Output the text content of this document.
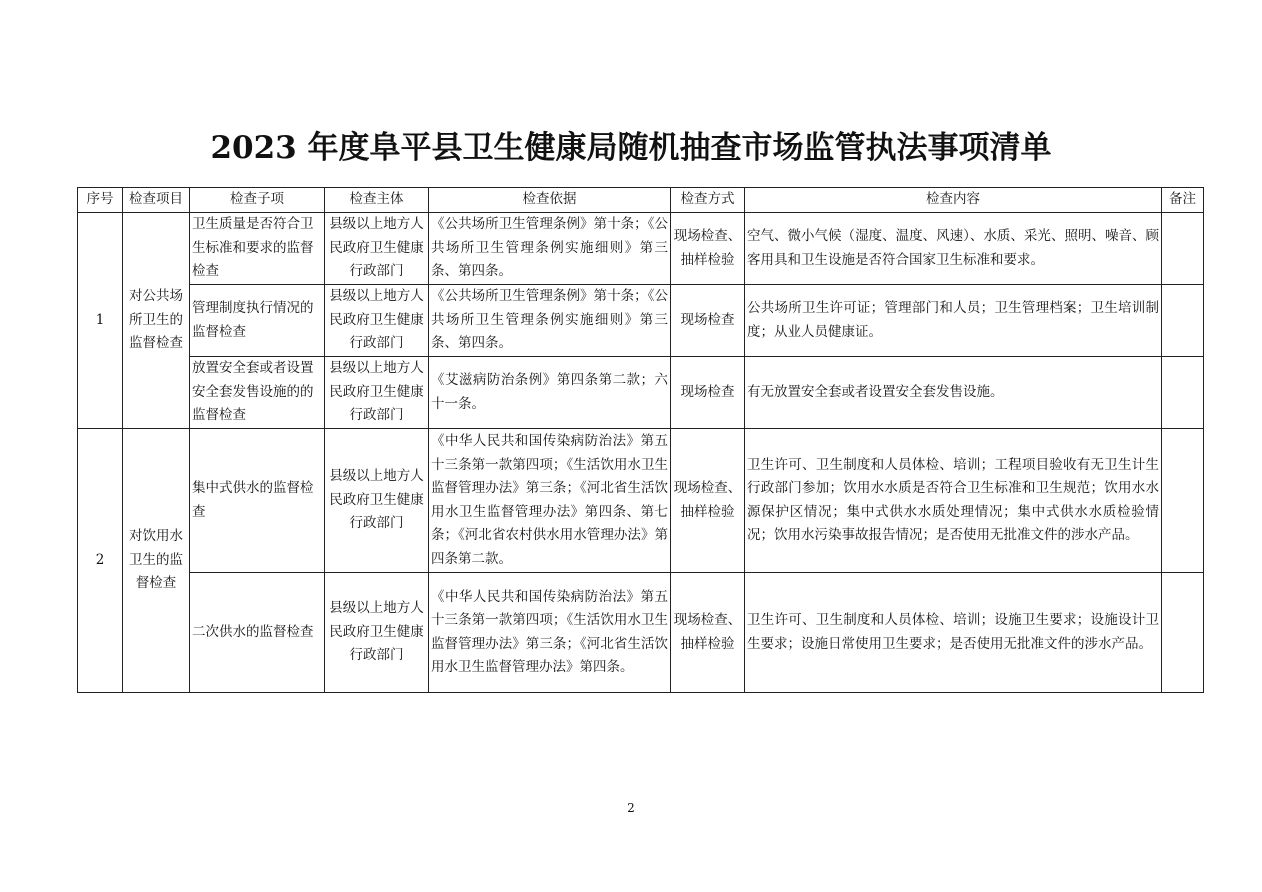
2023 年度阜平县卫生健康局随机抽查市场监管执法事项清单
序号	检查项目	检查子项	检查主体	检查依据	检查方式	检查内容	备注
1	对公共场所卫生的监督检查	卫生质量是否符合卫生标准和要求的监督检查	县级以上地方人民政府卫生健康行政部门	《公共场所卫生管理条例》第十条；《公共场所卫生管理条例实施细则》第三条、第四条。	现场检查、抽样检验	空气、微小气候（湿度、温度、风速）、水质、采光、照明、噪音、顾客用具和卫生设施是否符合国家卫生标准和要求。	
		管理制度执行情况的监督检查	县级以上地方人民政府卫生健康行政部门	《公共场所卫生管理条例》第十条；《公共场所卫生管理条例实施细则》第三条、第四条。	现场检查	公共场所卫生许可证；管理部门和人员；卫生管理档案；卫生培训制度；从业人员健康证。	
		放置安全套或者设置安全套发售设施的的监督检查	县级以上地方人民政府卫生健康行政部门	《艾滋病防治条例》第四条第二款；六十一条。	现场检查	有无放置安全套或者设置安全套发售设施。	
2	对饮用水卫生的监督检查	集中式供水的监督检查	县级以上地方人民政府卫生健康行政部门	《中华人民共和国传染病防治法》第五十三条第一款第四项；《生活饮用水卫生监督管理办法》第三条；《河北省生活饮用水卫生监督管理办法》第四条、第七条；《河北省农村供水用水管理办法》第四条第二款。	现场检查、抽样检验	卫生许可、卫生制度和人员体检、培训；工程项目验收有无卫生计生行政部门参加；饮用水水质是否符合卫生标准和卫生规范；饮用水水源保护区情况；集中式供水水质处理情况；集中式供水水质检验情况；饮用水污染事故报告情况；是否使用无批准文件的涉水产品。	
		二次供水的监督检查	县级以上地方人民政府卫生健康行政部门	《中华人民共和国传染病防治法》第五十三条第一款第四项；《生活饮用水卫生监督管理办法》第三条；《河北省生活饮用水卫生监督管理办法》第四条。	现场检查、抽样检验	卫生许可、卫生制度和人员体检、培训；设施卫生要求；设施设计卫生要求；设施日常使用卫生要求；是否使用无批准文件的涉水产品。	
2
